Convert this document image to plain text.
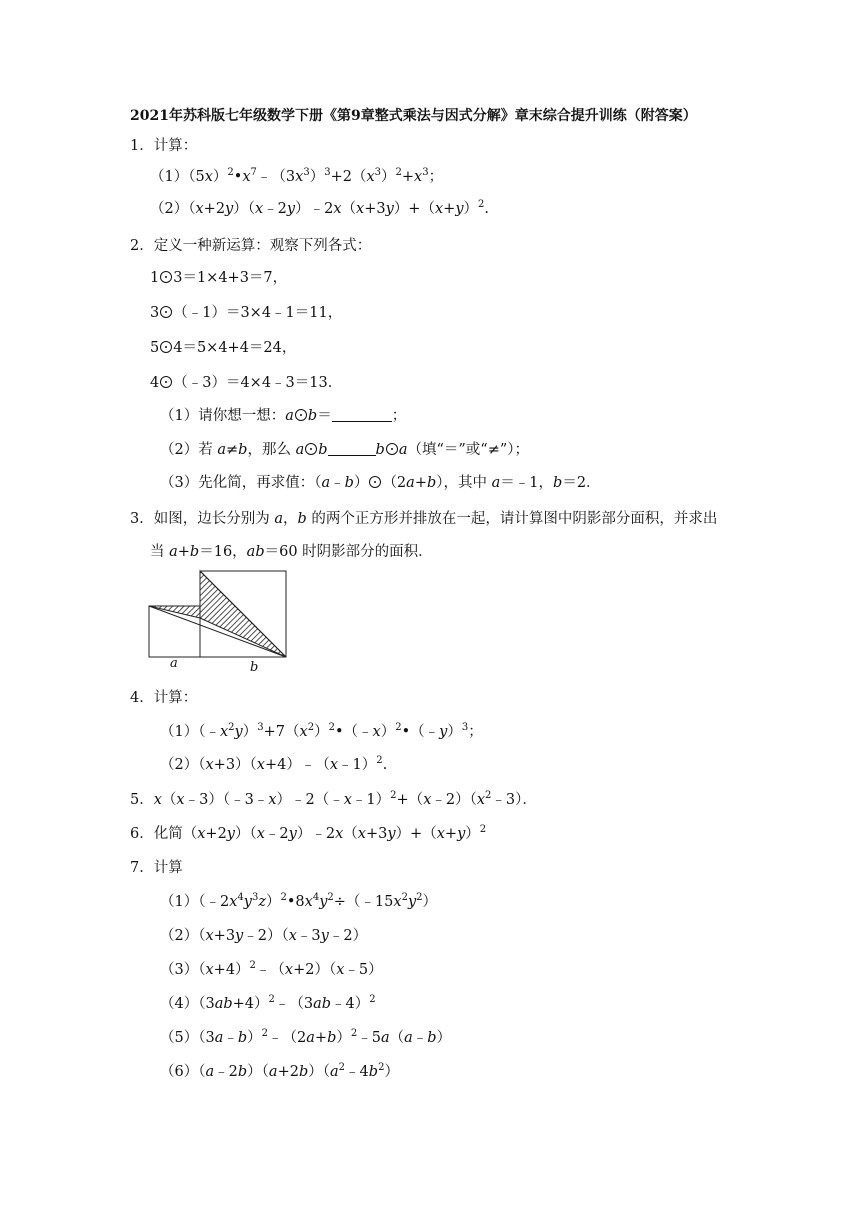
2021年苏科版七年级数学下册《第9章整式乘法与因式分解》章末综合提升训练（附答案）
1．计算：
$(1)(5x)^2•x^7﹣(3x^3)^3+2(x^3)^2+x^3$；
$(2)(x+2y)(x﹣2y)﹣2x(x+3y)+(x+y)^2$.
2．定义一种新运算：观察下列各式：
1 3＝1×4+3＝7，
3 （﹣1）＝3×4﹣1＝11，
5 4＝5×4+4＝24，
4 （﹣3）＝4×4﹣3＝13．
（1）请你想一想：a b＝	；
（2）若 a≠b，那么 a b	b a（填“＝”或“≠”）；
（3）先化简，再求值：（a﹣b） （2a+b），其中 a＝﹣1，b＝2．
3．如图，边长分别为 a，b 的两个正方形并排放在一起，请计算图中阴影部分面积，并求出
当 a+b＝16，ab＝60 时阴影部分的面积．
a	b
4．计算：
$(1)(﹣x^2y)^3+7(x^2)^2•(﹣x)^2•(﹣y)^3$；
（2）（x+3）（x+4）﹣（x﹣1）$^2$.
5．$x(x﹣3)(﹣3﹣x)﹣2(﹣x﹣1)^2+(x﹣2)(x^2﹣3)$．
6．化简$(x+2y)(x﹣2y)﹣2x(x+3y)+(x+y)^2$
7．计算
$(1)(﹣2x^4y^3z)^2•8x^4y^2\div(﹣15x^2y^2)$
（2）（x+3y﹣2）（x﹣3y﹣2）
$(3)(x+4)^2﹣(x+2)(x﹣5)$
$(4)(3ab+4)^2﹣(3ab﹣4)^2$
$(5)(3a﹣b)^2﹣(2a+b)^2﹣5a(a﹣b)$
$(6)(a﹣2b)(a+2b)(a^2﹣4b^2)$
